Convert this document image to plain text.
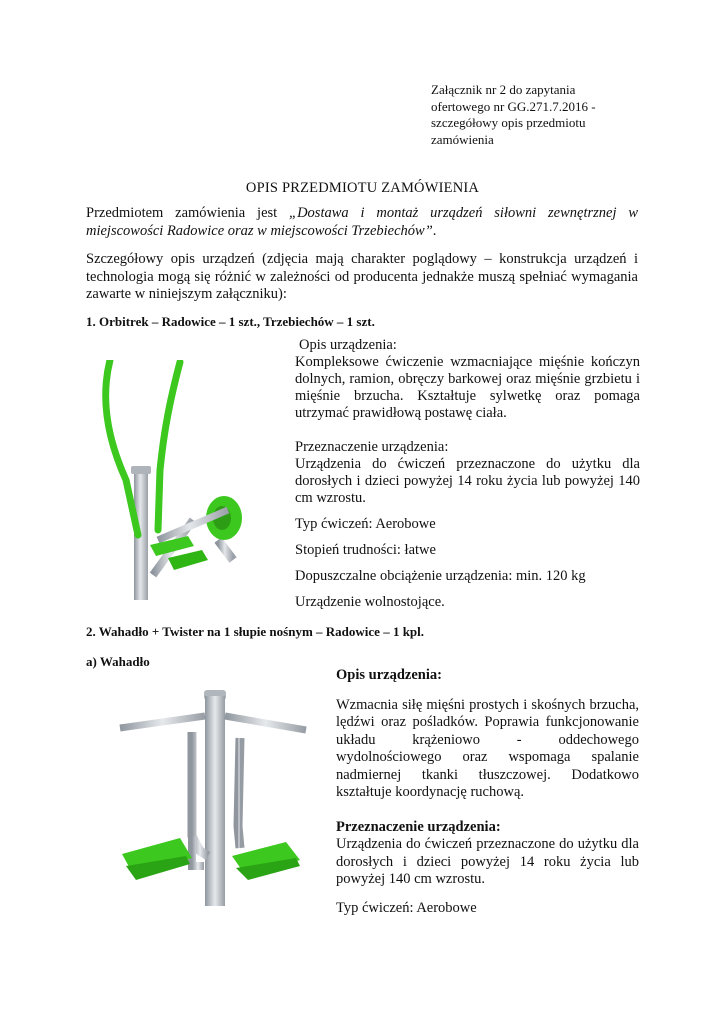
Załącznik nr 2 do zapytania
ofertowego nr GG.271.7.2016 -
szczegółowy opis przedmiotu
zamówienia
OPIS PRZEDMIOTU ZAMÓWIENIA
Przedmiotem zamówienia jest „Dostawa i montaż urządzeń siłowni zewnętrznej w miejscowości Radowice oraz w miejscowości Trzebiechów”.
Szczegółowy opis urządzeń (zdjęcia mają charakter poglądowy – konstrukcja urządzeń i technologia mogą się różnić w zależności od producenta jednakże muszą spełniać wymagania zawarte w niniejszym załączniku):
1. Orbitrek – Radowice – 1 szt., Trzebiechów – 1 szt.
Opis urządzenia:
Kompleksowe ćwiczenie wzmacniające mięśnie kończyn dolnych, ramion, obręczy barkowej oraz mięśnie grzbietu i mięśnie brzucha. Kształtuje sylwetkę oraz pomaga utrzymać prawidłową postawę ciała.
Przeznaczenie urządzenia:
Urządzenia do ćwiczeń przeznaczone do użytku dla dorosłych i dzieci powyżej 14 roku życia lub powyżej 140 cm wzrostu.
Typ ćwiczeń: Aerobowe
Stopień trudności: łatwe
Dopuszczalne obciążenie urządzenia: min. 120 kg
Urządzenie wolnostojące.
2. Wahadło + Twister na 1 słupie nośnym – Radowice – 1 kpl.
a) Wahadło
Opis urządzenia:
Wzmacnia siłę mięśni prostych i skośnych brzucha, lędźwi oraz pośladków. Poprawia funkcjonowanie układu krążeniowo - oddechowego wydolnościowego oraz wspomaga spalanie nadmiernej tkanki tłuszczowej. Dodatkowo kształtuje koordynację ruchową.
Przeznaczenie urządzenia:
Urządzenia do ćwiczeń przeznaczone do użytku dla dorosłych i dzieci powyżej 14 roku życia lub powyżej 140 cm wzrostu.
Typ ćwiczeń: Aerobowe
